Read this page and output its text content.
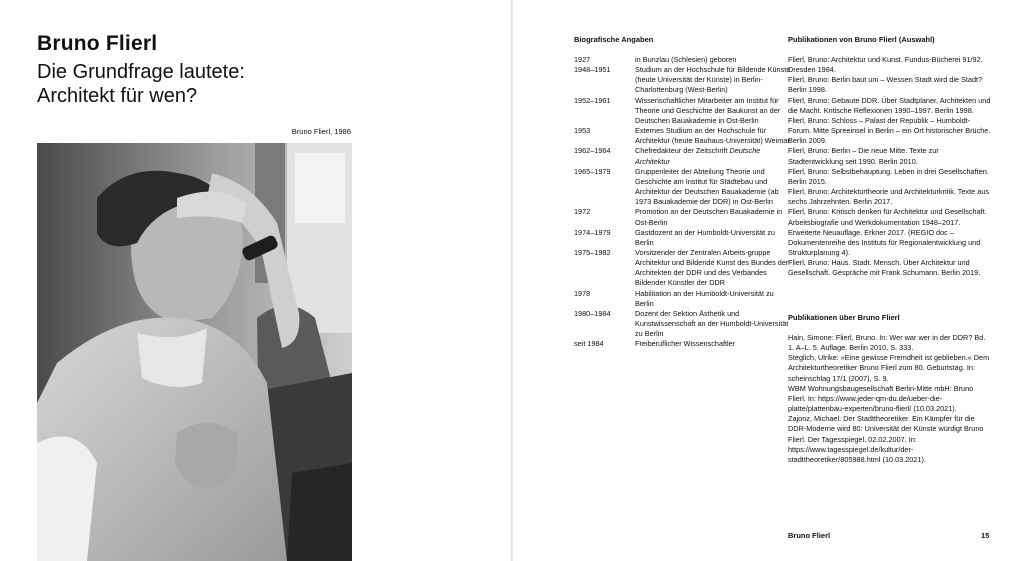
Bruno Flierl
Die Grundfrage lautete:
Architekt für wen?
Bruno Flierl, 1986
Biografische Angaben	Publikationen von Bruno Flierl (Auswahl)
1927	in Bunzlau (Schlesien) geboren
1948–1951	Studium an der Hochschule für Bildende Künste (heute Universität der Künste) in Berlin-Charlottenburg (West-Berlin)
1952–1961	Wissenschaftlicher Mitarbeiter am Institut für Theorie und Geschichte der Baukunst an der Deutschen Bauakademie in Ost-Berlin
1953	Externes Studium an der Hochschule für Architektur (heute Bauhaus-Universität) Weimar
1962–1964	Chefredakteur der Zeitschrift Deutsche Architektur
1965–1979	Gruppenleiter der Abteilung Theorie und Geschichte am Institut für Städtebau und Architektur der Deutschen Bauakademie (ab 1973 Bauakademie der DDR) in Ost-Berlin
1972	Promotion an der Deutschen Bauakademie in Ost-Berlin
1974–1979	Gastdozent an der Humboldt-Universität zu Berlin
1975–1982	Vorsitzender der Zentralen Arbeits-gruppe Architektur und Bildende Kunst des Bundes der Architekten der DDR und des Verbandes Bildender Künstler der DDR
1978	Habilitation an der Humboldt-Universität zu Berlin
1980–1984	Dozent der Sektion Ästhetik und Kunstwissenschaft an der Humboldt-Universität zu Berlin
seit 1984	Freiberuflicher Wissenschaftler

Flierl, Bruno: Architektur und Kunst. Fundus-Bücherei 91/92. Dresden 1984.

Flierl, Bruno: Berlin baut um – Wessen Stadt wird die Stadt? Berlin 1998.

Flierl, Bruno: Gebaute DDR. Über Stadtplaner, Architekten und die Macht. Kritische Reflexionen 1990–1997. Berlin 1998.

Flierl, Bruno: Schloss – Palast der Republik – Humboldt-Forum. Mitte Spreeinsel in Berlin – ein Ort historischer Brüche. Berlin 2009.

Flierl, Bruno: Berlin – Die neue Mitte. Texte zur Stadtentwicklung seit 1990. Berlin 2010.

Flierl, Bruno: Selbstbehauptung. Leben in drei Gesellschaften. Berlin 2015.

Flierl, Bruno: Architekturtheorie und Architekturkritik. Texte aus sechs Jahrzehnten. Berlin 2017.

Flierl, Bruno: Kritisch denken für Architektur und Gesellschaft. Arbeitsbiografie und Werkdokumentation 1948–2017. Erweiterte Neuauflage. Erkner 2017. (REGIO doc – Dokumentenreihe des Instituts für Regionalentwicklung und Strukturplanung 4).

Flierl, Bruno: Haus. Stadt. Mensch. Über Architektur und Gesellschaft. Gespräche mit Frank Schumann. Berlin 2019.

Publikationen über Bruno Flierl

Hain, Simone: Flierl, Bruno. In: Wer war wer in der DDR? Bd. 1. A–L. 5. Auflage. Berlin 2010, S. 333.

Steglich, Ulrike: »Eine gewisse Fremdheit ist geblieben.« Dem Architekturtheoretiker Bruno Flierl zum 80. Geburtstag. In: scheinschlag 17/1 (2007), S. 9.

WBM Wohnungsbaugesellschaft Berlin-Mitte mbH: Bruno Flierl. In: https://www.jeder-qm-du.de/ueber-die-platte/plattenbau-experten/bruno-flierl/ (10.03.2021).

Zajonz, Michael: Der Stadttheoretiker. Ein Kämpfer für die DDR-Moderne wird 80: Universität der Künste würdigt Bruno Flierl. Der Tagesspiegel, 02.02.2007. In: https://www.tagesspiegel.de/kultur/der-stadttheoretiker/805988.html (10.03.2021).

Bruno Flierl	15
